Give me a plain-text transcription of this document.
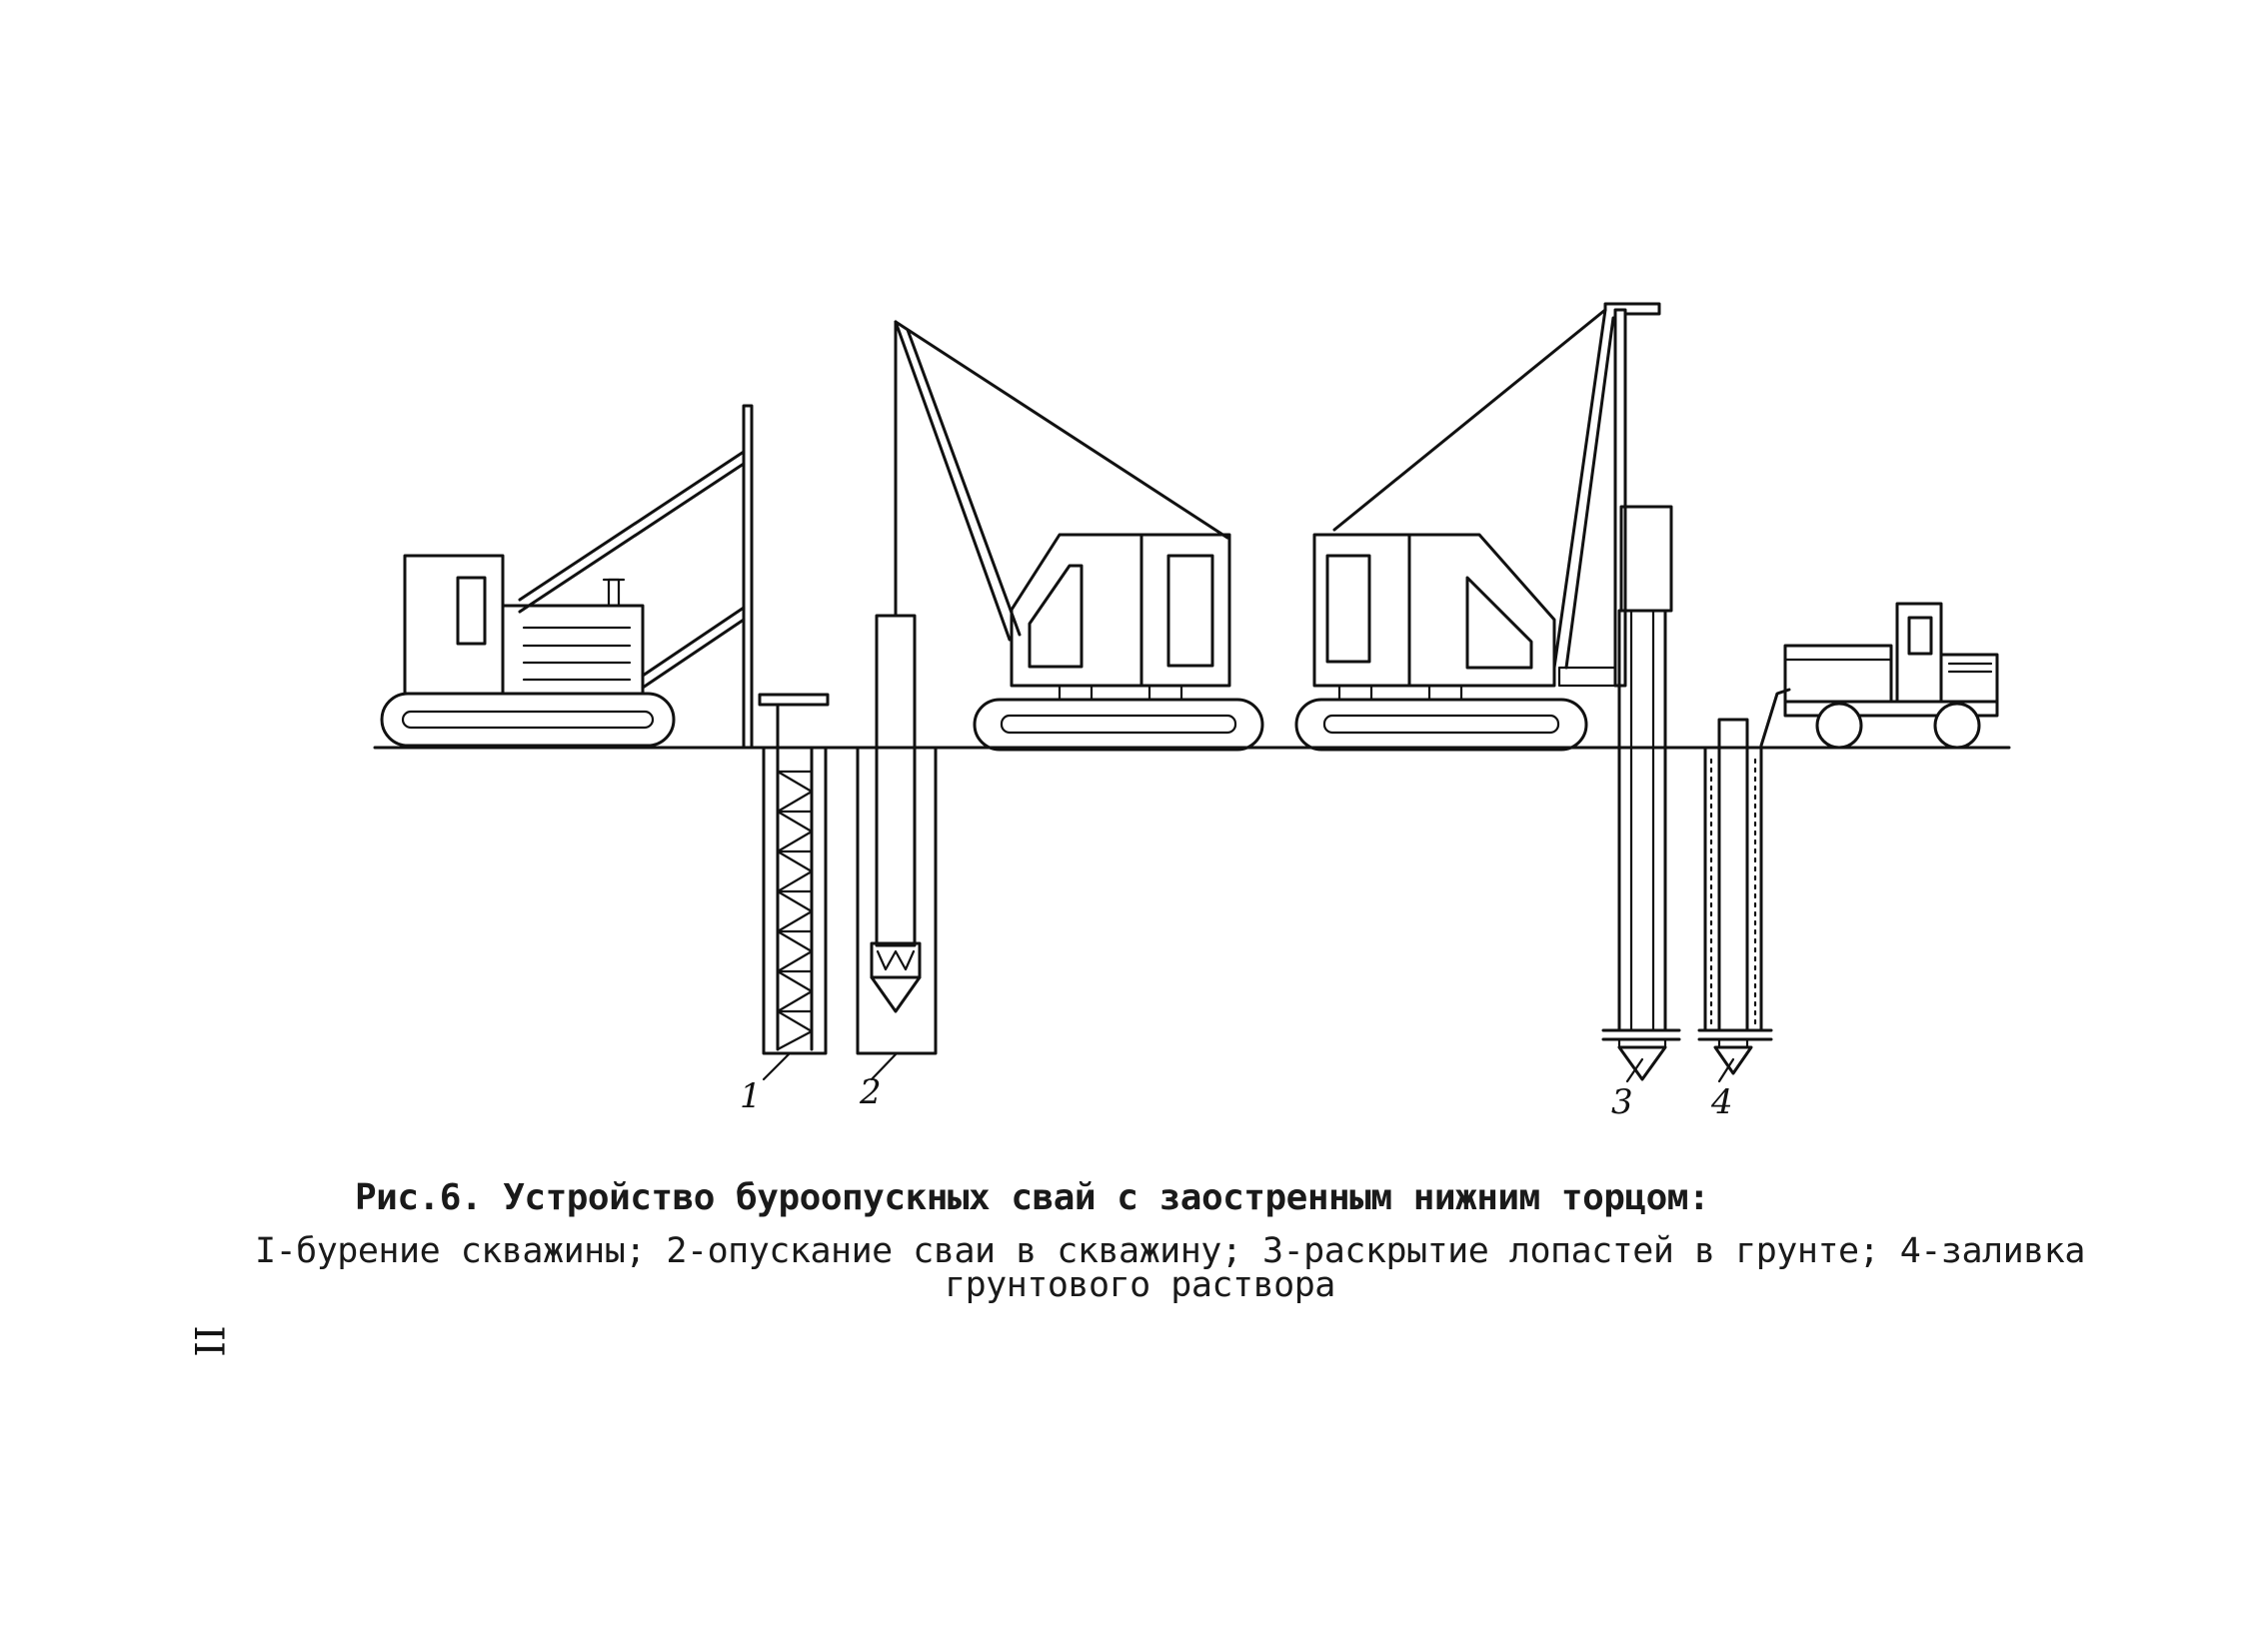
1	2	3 4
Рис.6. Устройство буроопускных свай с заостренным нижним торцом:
I-бурение скважины; 2-опускание сваи в скважину; 3-раскрытие лопастей в грунте; 4-заливка
грунтового раствора
II
